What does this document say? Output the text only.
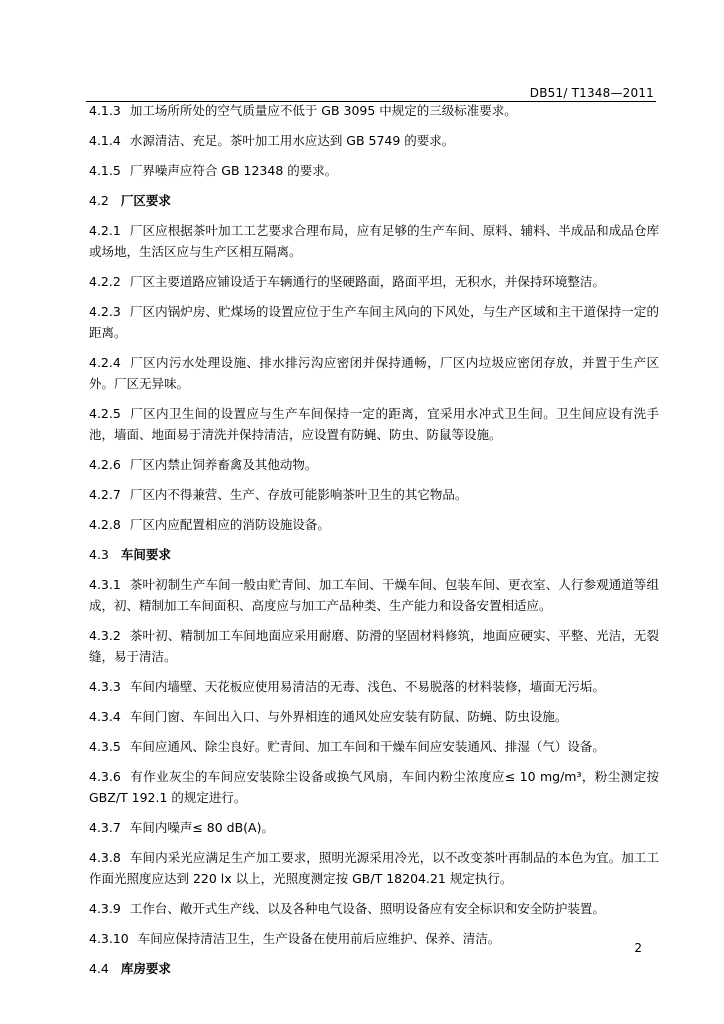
DB51/ T1348—2011

4.1.3 加工场所所处的空气质量应不低于 GB 3095 中规定的三级标准要求。

4.1.4 水源清洁、充足。茶叶加工用水应达到 GB 5749 的要求。

4.1.5 厂界噪声应符合 GB 12348 的要求。

4.2 厂区要求

4.2.1 厂区应根据茶叶加工工艺要求合理布局，应有足够的生产车间、原料、辅料、半成品和成品仓库或场地，生活区应与生产区相互隔离。

4.2.2 厂区主要道路应铺设适于车辆通行的坚硬路面，路面平坦，无积水，并保持环境整洁。

4.2.3 厂区内锅炉房、贮煤场的设置应位于生产车间主风向的下风处，与生产区域和主干道保持一定的距离。

4.2.4 厂区内污水处理设施、排水排污沟应密闭并保持通畅，厂区内垃圾应密闭存放，并置于生产区外。厂区无异味。

4.2.5 厂区内卫生间的设置应与生产车间保持一定的距离，宜采用水冲式卫生间。卫生间应设有洗手池，墙面、地面易于清洗并保持清洁，应设置有防蝇、防虫、防鼠等设施。

4.2.6 厂区内禁止饲养畜禽及其他动物。

4.2.7 厂区内不得兼营、生产、存放可能影响茶叶卫生的其它物品。

4.2.8 厂区内应配置相应的消防设施设备。

4.3 车间要求

4.3.1 茶叶初制生产车间一般由贮青间、加工车间、干燥车间、包装车间、更衣室、人行参观通道等组成，初、精制加工车间面积、高度应与加工产品种类、生产能力和设备安置相适应。

4.3.2 茶叶初、精制加工车间地面应采用耐磨、防滑的坚固材料修筑，地面应硬实、平整、光洁，无裂缝，易于清洁。

4.3.3 车间内墙壁、天花板应使用易清洁的无毒、浅色、不易脱落的材料装修，墙面无污垢。

4.3.4 车间门窗、车间出入口、与外界相连的通风处应安装有防鼠、防蝇、防虫设施。

4.3.5 车间应通风、除尘良好。贮青间、加工车间和干燥车间应安装通风、排湿（气）设备。

4.3.6 有作业灰尘的车间应安装除尘设备或换气风扇，车间内粉尘浓度应≤ 10 mg/m³，粉尘测定按 GBZ/T 192.1 的规定进行。

4.3.7 车间内噪声≤ 80 dB(A)。

4.3.8 车间内采光应满足生产加工要求，照明光源采用冷光，以不改变茶叶再制品的本色为宜。加工工作面光照度应达到 220 lx 以上，光照度测定按 GB/T 18204.21 规定执行。

4.3.9 工作台、敞开式生产线、以及各种电气设备、照明设备应有安全标识和安全防护装置。

4.3.10 车间应保持清洁卫生，生产设备在使用前后应维护、保养、清洁。

4.4 库房要求

2
